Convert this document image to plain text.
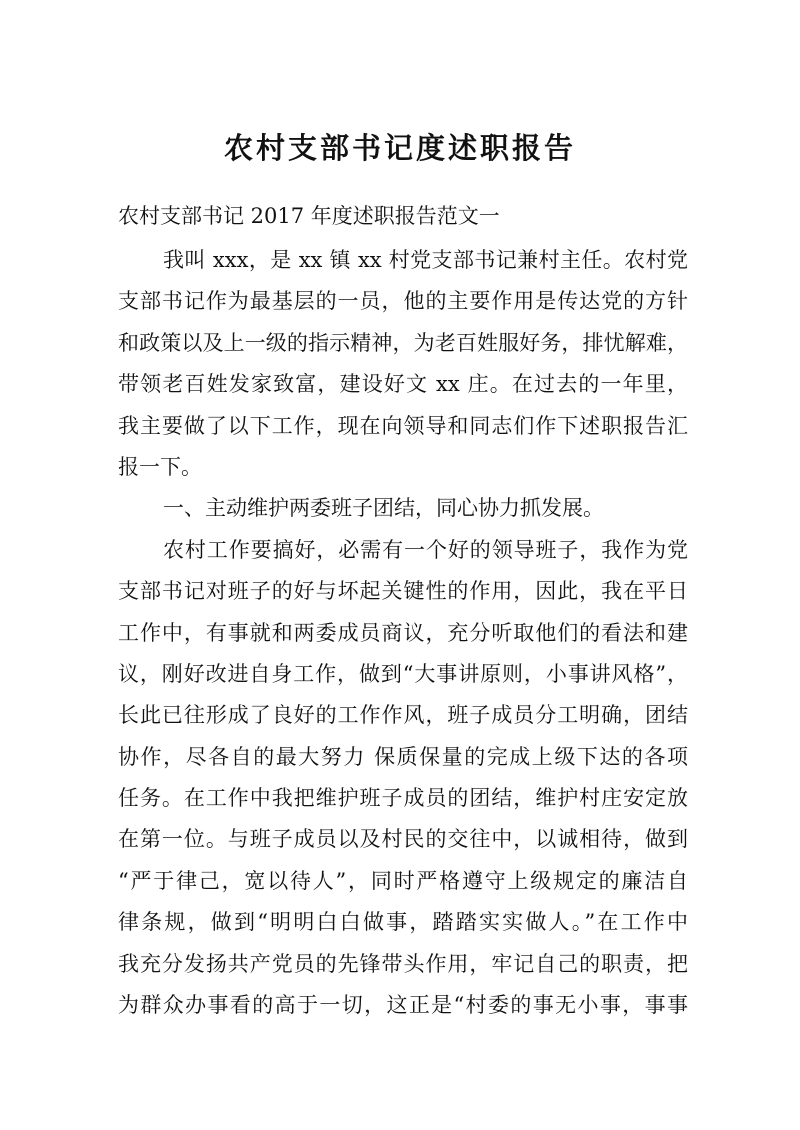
农村支部书记度述职报告
农村支部书记 2017 年度述职报告范文一
我叫 xxx，是 xx 镇 xx 村党支部书记兼村主任。农村党
支部书记作为最基层的一员，他的主要作用是传达党的方针
和政策以及上一级的指示精神，为老百姓服好务，排忧解难，
带领老百姓发家致富，建设好文 xx 庄。在过去的一年里，
我主要做了以下工作，现在向领导和同志们作下述职报告汇
报一下。
一、主动维护两委班子团结，同心协力抓发展。
农村工作要搞好，必需有一个好的领导班子，我作为党
支部书记对班子的好与坏起关键性的作用，因此，我在平日
工作中，有事就和两委成员商议，充分听取他们的看法和建
议，刚好改进自身工作，做到“大事讲原则，小事讲风格”，
长此已往形成了良好的工作作风，班子成员分工明确，团结
协作，尽各自的最大努力 保质保量的完成上级下达的各项
任务。在工作中我把维护班子成员的团结，维护村庄安定放
在第一位。与班子成员以及村民的交往中，以诚相待，做到
“严于律己，宽以待人”，同时严格遵守上级规定的廉洁自
律条规，做到“明明白白做事，踏踏实实做人。”在工作中
我充分发扬共产党员的先锋带头作用，牢记自己的职责，把
为群众办事看的高于一切，这正是“村委的事无小事，事事
